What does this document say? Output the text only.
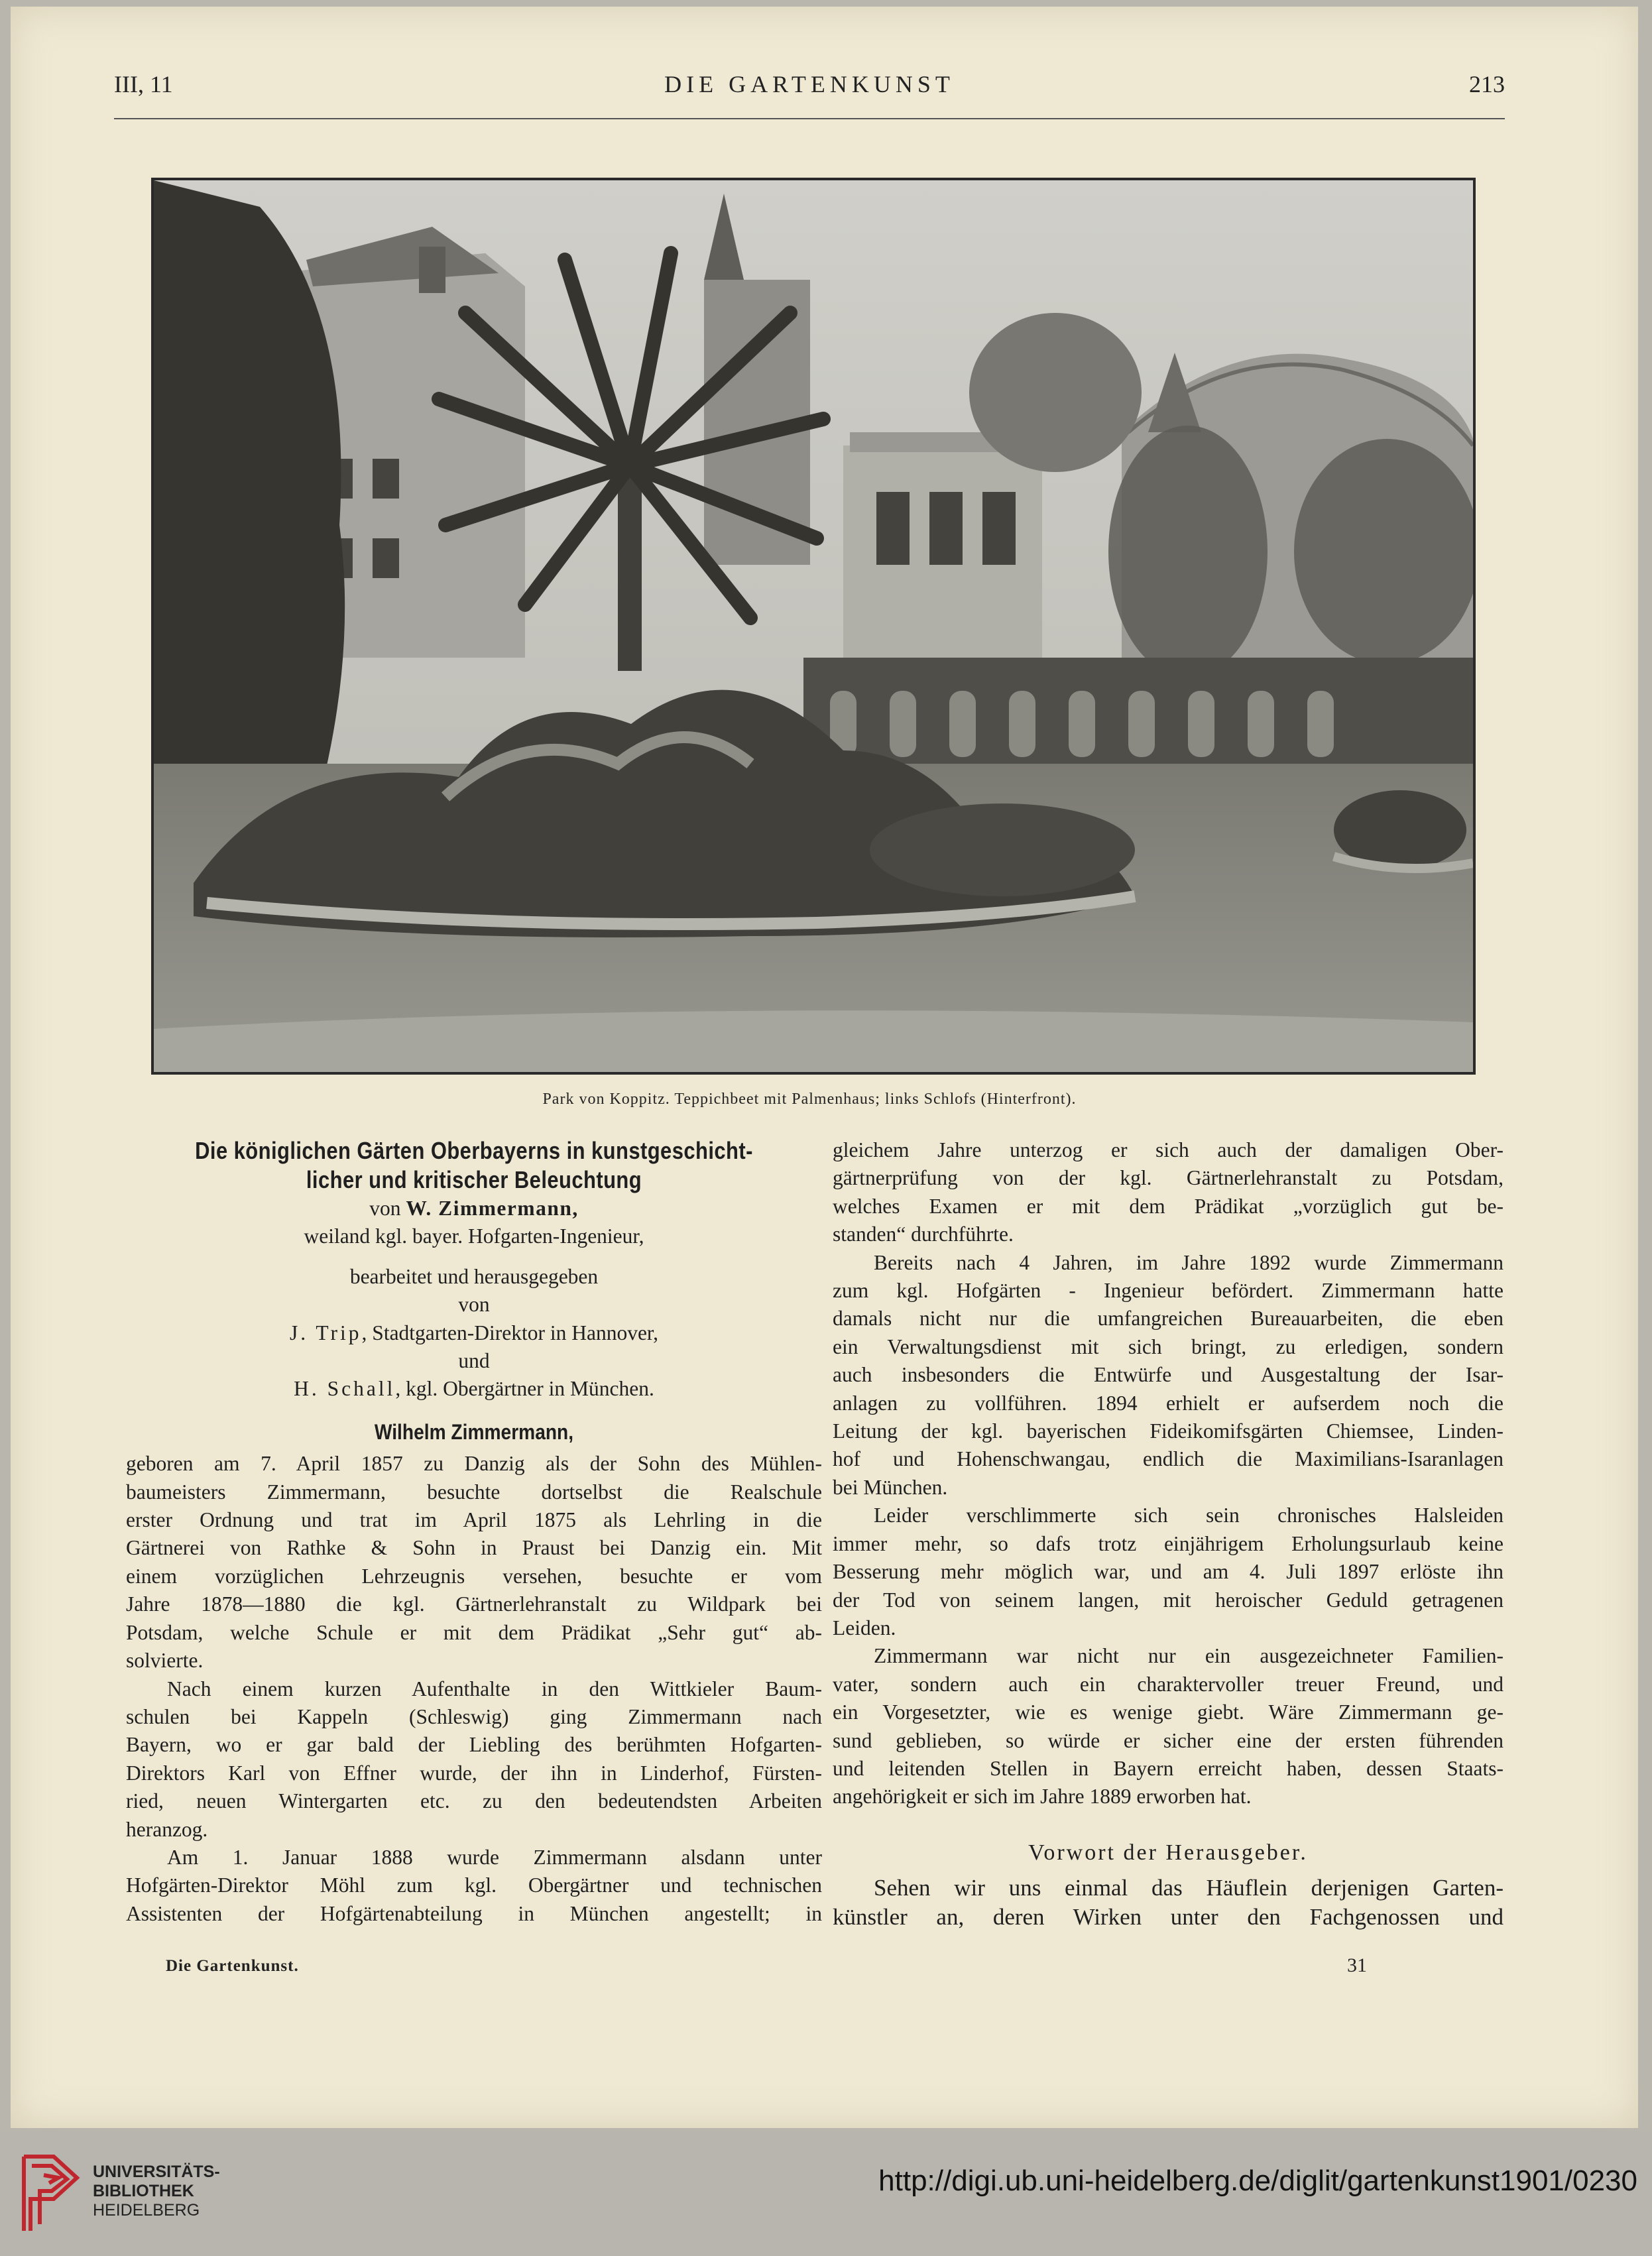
III, 11	DIE GARTENKUNST	213
Park von Koppitz. Teppichbeet mit Palmenhaus; links Schlofs (Hinterfront).
Die königlichen Gärten Oberbayerns in kunstgeschicht-
licher und kritischer Beleuchtung
von W. Zimmermann,
weiland kgl. bayer. Hofgarten-Ingenieur,
bearbeitet und herausgegeben
von
J. Trip, Stadtgarten-Direktor in Hannover,
und
H. Schall, kgl. Obergärtner in München.
Wilhelm Zimmermann,
geboren am 7. April 1857 zu Danzig als der Sohn des Mühlen-
baumeisters Zimmermann, besuchte dortselbst die Realschule
erster Ordnung und trat im April 1875 als Lehrling in die
Gärtnerei von Rathke & Sohn in Praust bei Danzig ein. Mit
einem vorzüglichen Lehrzeugnis versehen, besuchte er vom
Jahre 1878—1880 die kgl. Gärtnerlehranstalt zu Wildpark bei
Potsdam, welche Schule er mit dem Prädikat „Sehr gut“ ab-
solvierte.
Nach einem kurzen Aufenthalte in den Wittkieler Baum-
schulen bei Kappeln (Schleswig) ging Zimmermann nach
Bayern, wo er gar bald der Liebling des berühmten Hofgarten-
Direktors Karl von Effner wurde, der ihn in Linderhof, Fürsten-
ried, neuen Wintergarten etc. zu den bedeutendsten Arbeiten
heranzog.
Am 1. Januar 1888 wurde Zimmermann alsdann unter
Hofgärten-Direktor Möhl zum kgl. Obergärtner und technischen
Assistenten der Hofgärtenabteilung in München angestellt; in
gleichem Jahre unterzog er sich auch der damaligen Ober-
gärtnerprüfung von der kgl. Gärtnerlehranstalt zu Potsdam,
welches Examen er mit dem Prädikat „vorzüglich gut be-
standen“ durchführte.
Bereits nach 4 Jahren, im Jahre 1892 wurde Zimmermann
zum kgl. Hofgärten - Ingenieur befördert. Zimmermann hatte
damals nicht nur die umfangreichen Bureauarbeiten, die eben
ein Verwaltungsdienst mit sich bringt, zu erledigen, sondern
auch insbesonders die Entwürfe und Ausgestaltung der Isar-
anlagen zu vollführen. 1894 erhielt er aufserdem noch die
Leitung der kgl. bayerischen Fideikomifsgärten Chiemsee, Linden-
hof und Hohenschwangau, endlich die Maximilians-Isaranlagen
bei München.
Leider verschlimmerte sich sein chronisches Halsleiden
immer mehr, so dafs trotz einjährigem Erholungsurlaub keine
Besserung mehr möglich war, und am 4. Juli 1897 erlöste ihn
der Tod von seinem langen, mit heroischer Geduld getragenen
Leiden.
Zimmermann war nicht nur ein ausgezeichneter Familien-
vater, sondern auch ein charaktervoller treuer Freund, und
ein Vorgesetzter, wie es wenige giebt. Wäre Zimmermann ge-
sund geblieben, so würde er sicher eine der ersten führenden
und leitenden Stellen in Bayern erreicht haben, dessen Staats-
angehörigkeit er sich im Jahre 1889 erworben hat.
Vorwort der Herausgeber.
Sehen wir uns einmal das Häuflein derjenigen Garten-
künstler an, deren Wirken unter den Fachgenossen und
Die Gartenkunst.	31
UNIVERSITÄTS-
BIBLIOTHEK
HEIDELBERG
http://digi.ub.uni-heidelberg.de/diglit/gartenkunst1901/0230
